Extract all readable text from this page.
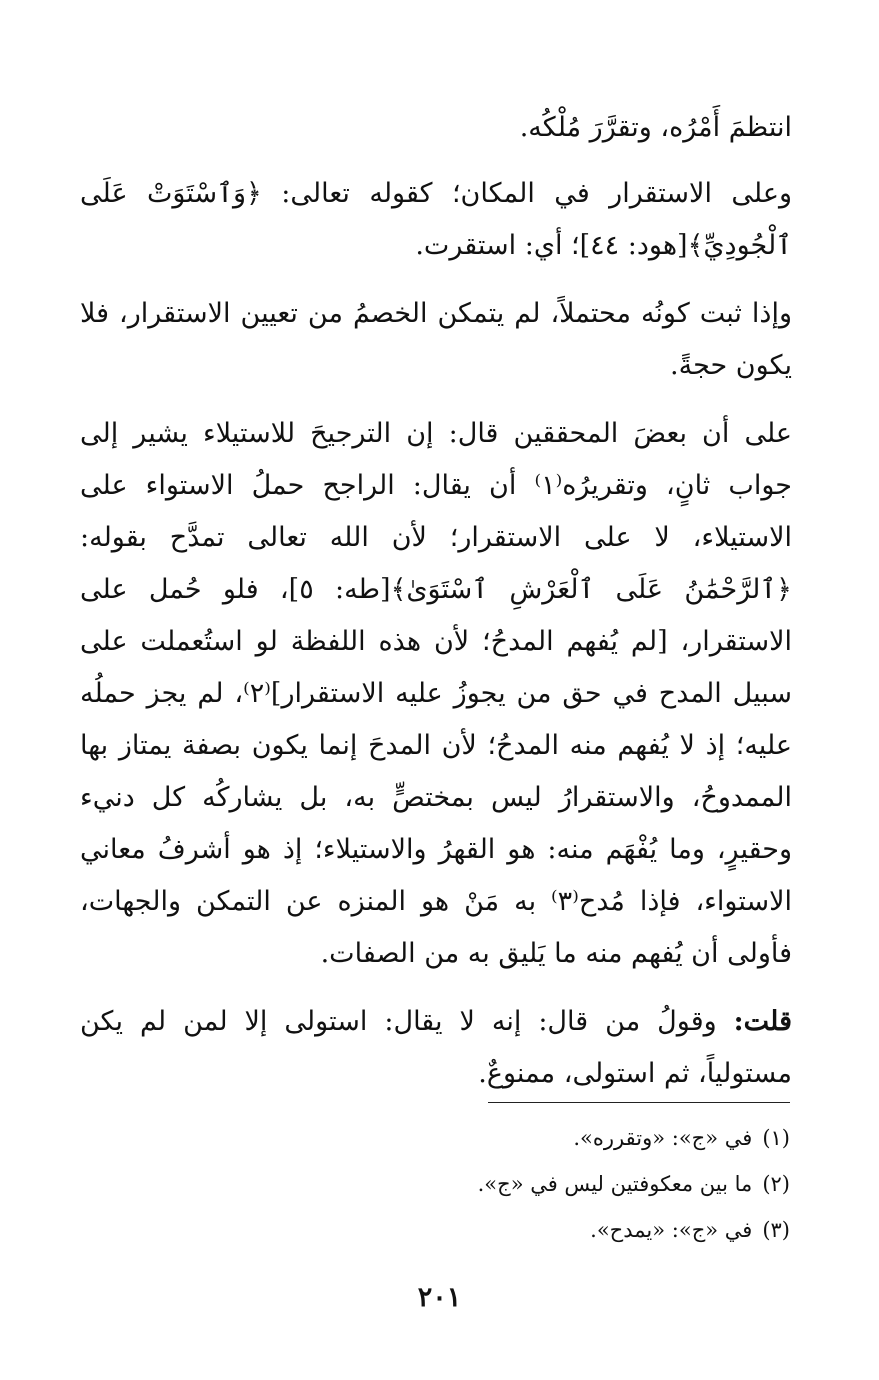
انتظمَ أَمْرُه، وتقرَّرَ مُلْكُه.

وعلى الاستقرار في المكان؛ كقوله تعالى: ﴿وَٱسْتَوَتْ عَلَى ٱلْجُودِيِّ﴾[هود: ٤٤]؛ أي: استقرت.

وإذا ثبت كونُه محتملاً، لم يتمكن الخصمُ من تعيين الاستقرار، فلا يكون حجةً.

على أن بعضَ المحققين قال: إن الترجيحَ للاستيلاء يشير إلى جواب ثانٍ، وتقريرُه⁽١⁾ أن يقال: الراجح حملُ الاستواء على الاستيلاء، لا على الاستقرار؛ لأن الله تعالى تمدَّح بقوله: ﴿ٱلرَّحْمَٰنُ عَلَى ٱلْعَرْشِ ٱسْتَوَىٰ﴾[طه: ٥]، فلو حُمل على الاستقرار، [لم يُفهم المدحُ؛ لأن هذه اللفظة لو استُعملت على سبيل المدح في حق من يجوزُ عليه الاستقرار]⁽٢⁾، لم يجز حملُه عليه؛ إذ لا يُفهم منه المدحُ؛ لأن المدحَ إنما يكون بصفة يمتاز بها الممدوحُ، والاستقرارُ ليس بمختصٍّ به، بل يشاركُه كل دنيء وحقيرٍ، وما يُفْهَم منه: هو القهرُ والاستيلاء؛ إذ هو أشرفُ معاني الاستواء، فإذا مُدح⁽٣⁾ به مَنْ هو المنزه عن التمكن والجهات، فأولى أن يُفهم منه ما يَليق به من الصفات.

قلت: وقولُ من قال: إنه لا يقال: استولى إلا لمن لم يكن مستولياً، ثم استولى، ممنوعٌ.

(١)
في «ج»: «وتقرره».
(٢)
ما بين معكوفتين ليس في «ج».
(٣)
في «ج»: «يمدح».
٢٠١
